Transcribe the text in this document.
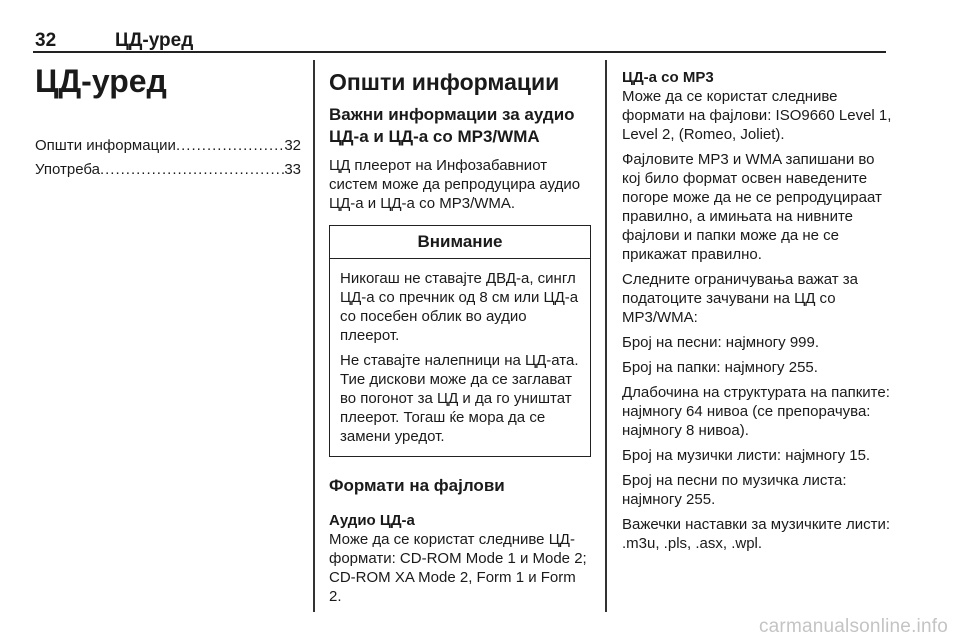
32	ЦД-уред
ЦД-уред
Општи информации .....	32
Употреба .....	33
Општи информации
Важни информации за аудио ЦД-а и ЦД-а со MP3/WMA

ЦД плеерот на Инфозабавниот систем може да репродуцира аудио ЦД-а и ЦД-а со MP3/WMA.

Внимание

Никогаш не ставајте ДВД-а, сингл ЦД-а со пречник од 8 см или ЦД-а со посебен облик во аудио плеерот.

Не ставајте налепници на ЦД-ата. Тие дискови може да се заглават во погонот за ЦД и да го уништат плеерот. Тогаш ќе мора да се замени уредот.

Формати на фајлови
Аудио ЦД-а

Може да се користат следниве ЦД-формати: CD-ROM Mode 1 и Mode 2; CD-ROM XA Mode 2, Form 1 и Form 2.

ЦД-а со MP3

Може да се користат следниве формати на фајлови: ISO9660 Level 1, Level 2, (Romeo, Joliet).

Фајловите MP3 и WMA запишани во кој било формат освен наведените погоре може да не се репродуцираат правилно, а имињата на нивните фајлови и папки може да не се прикажат правилно.

Следните ограничувања важат за податоците зачувани на ЦД со MP3/WMA:

Број на песни: најмногу 999.

Број на папки: најмногу 255.

Длабочина на структурата на папките: најмногу 64 нивоа (се препорачува: најмногу 8 нивоа).

Број на музички листи: најмногу 15.

Број на песни по музичка листа: најмногу 255.

Важечки наставки за музичките листи: .m3u, .pls, .asx, .wpl.

carmanualsonline.info
